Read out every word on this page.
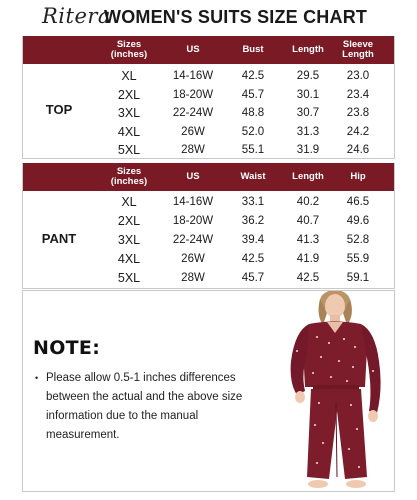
Ritera
WOMEN'S SUITS SIZE CHART
Sizes
(inches)	US	Bust	Length	Sleeve
Length
TOP
XL	14-16W	42.5	29.5	23.0
2XL	18-20W	45.7	30.1	23.4
3XL	22-24W	48.8	30.7	23.8
4XL	26W	52.0	31.3	24.2
5XL	28W	55.1	31.9	24.6
Sizes
(inches)	US	Waist	Length	Hip
PANT
XL	14-16W	33.1	40.2	46.5
2XL	18-20W	36.2	40.7	49.6
3XL	22-24W	39.4	41.3	52.8
4XL	26W	42.5	41.9	55.9
5XL	28W	45.7	42.5	59.1
NOTE:
• Please allow 0.5-1 inches differences between the actual and the above size information due to the manual measurement.
